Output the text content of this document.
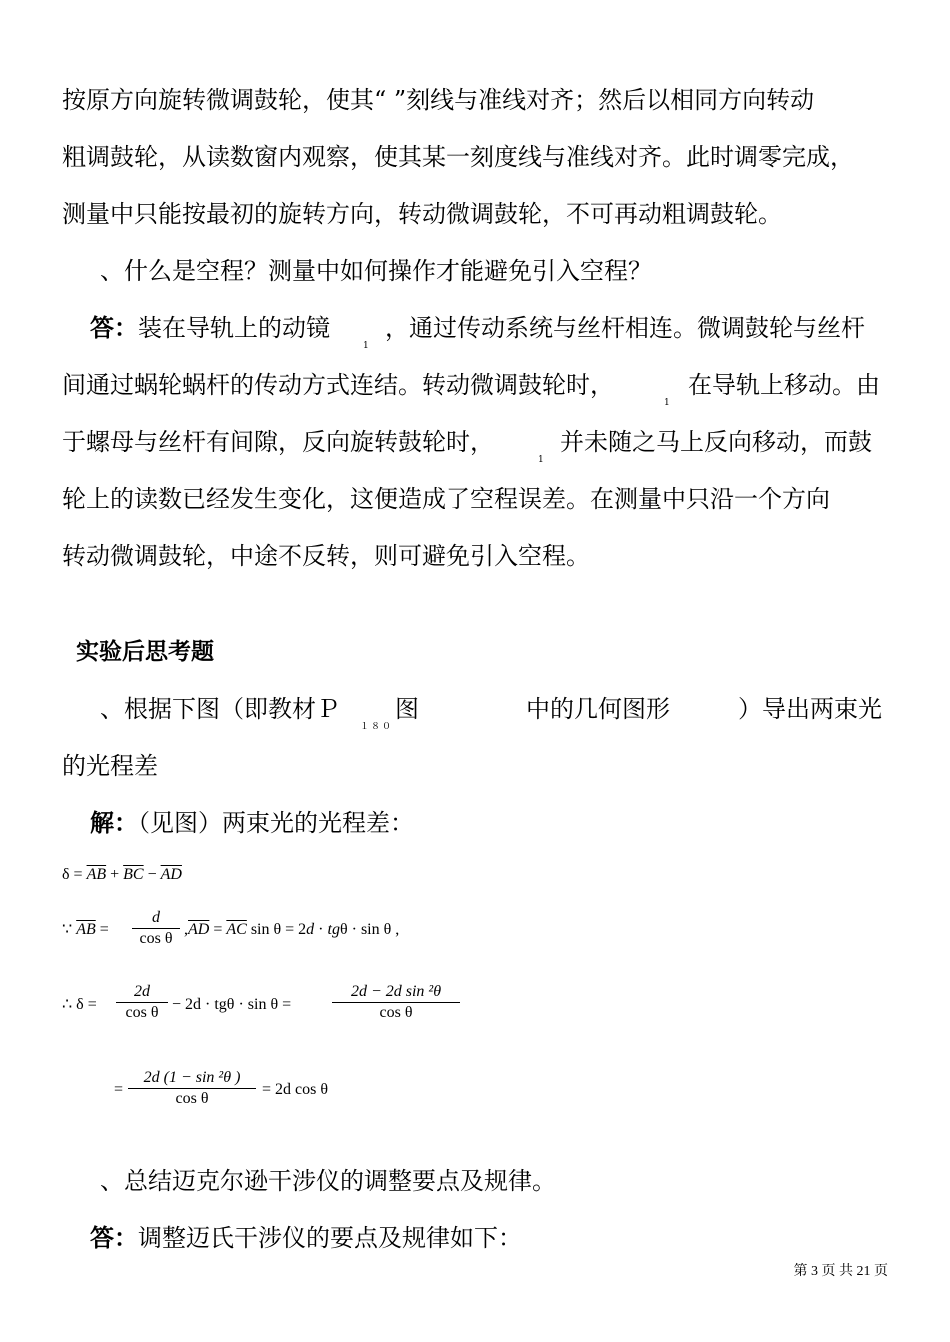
按原方向旋转微调鼓轮，使其“ ”刻线与准线对齐；然后以相同方向转动
粗调鼓轮，从读数窗内观察，使其某一刻度线与准线对齐。此时调零完成，
测量中只能按最初的旋转方向，转动微调鼓轮，不可再动粗调鼓轮。
、什么是空程？测量中如何操作才能避免引入空程？
答：装在导轨上的动镜
1
，通过传动系统与丝杆相连。微调鼓轮与丝杆
间通过蜗轮蜗杆的传动方式连结。转动微调鼓轮时，
1
在导轨上移动。由
于螺母与丝杆有间隙，反向旋转鼓轮时，
1
并未随之马上反向移动，而鼓
轮上的读数已经发生变化，这便造成了空程误差。在测量中只沿一个方向
转动微调鼓轮，中途不反转，则可避免引入空程。
实验后思考题
、根据下图（即教材Ｐ
１８０
图	中的几何图形	）导出两束光
的光程差
解：（见图）两束光的光程差：
$\delta = \overline{AB} + \overline{BC} - \overline{AD}$
∵ $\overline{AB}$ =
d
cos θ
$,\overline{AD} = \overline{AC}$ sin θ = 2d · tgθ · sin θ ,
∴ δ =
2d
cos θ − 2d · tgθ · sin θ =
2d − 2d sin ²θ
cos θ
=
2d (1 − sin ²θ )
cos θ
= 2d cos θ
、总结迈克尔逊干涉仪的调整要点及规律。
答：调整迈氏干涉仪的要点及规律如下：
第 3 页 共 21 页
